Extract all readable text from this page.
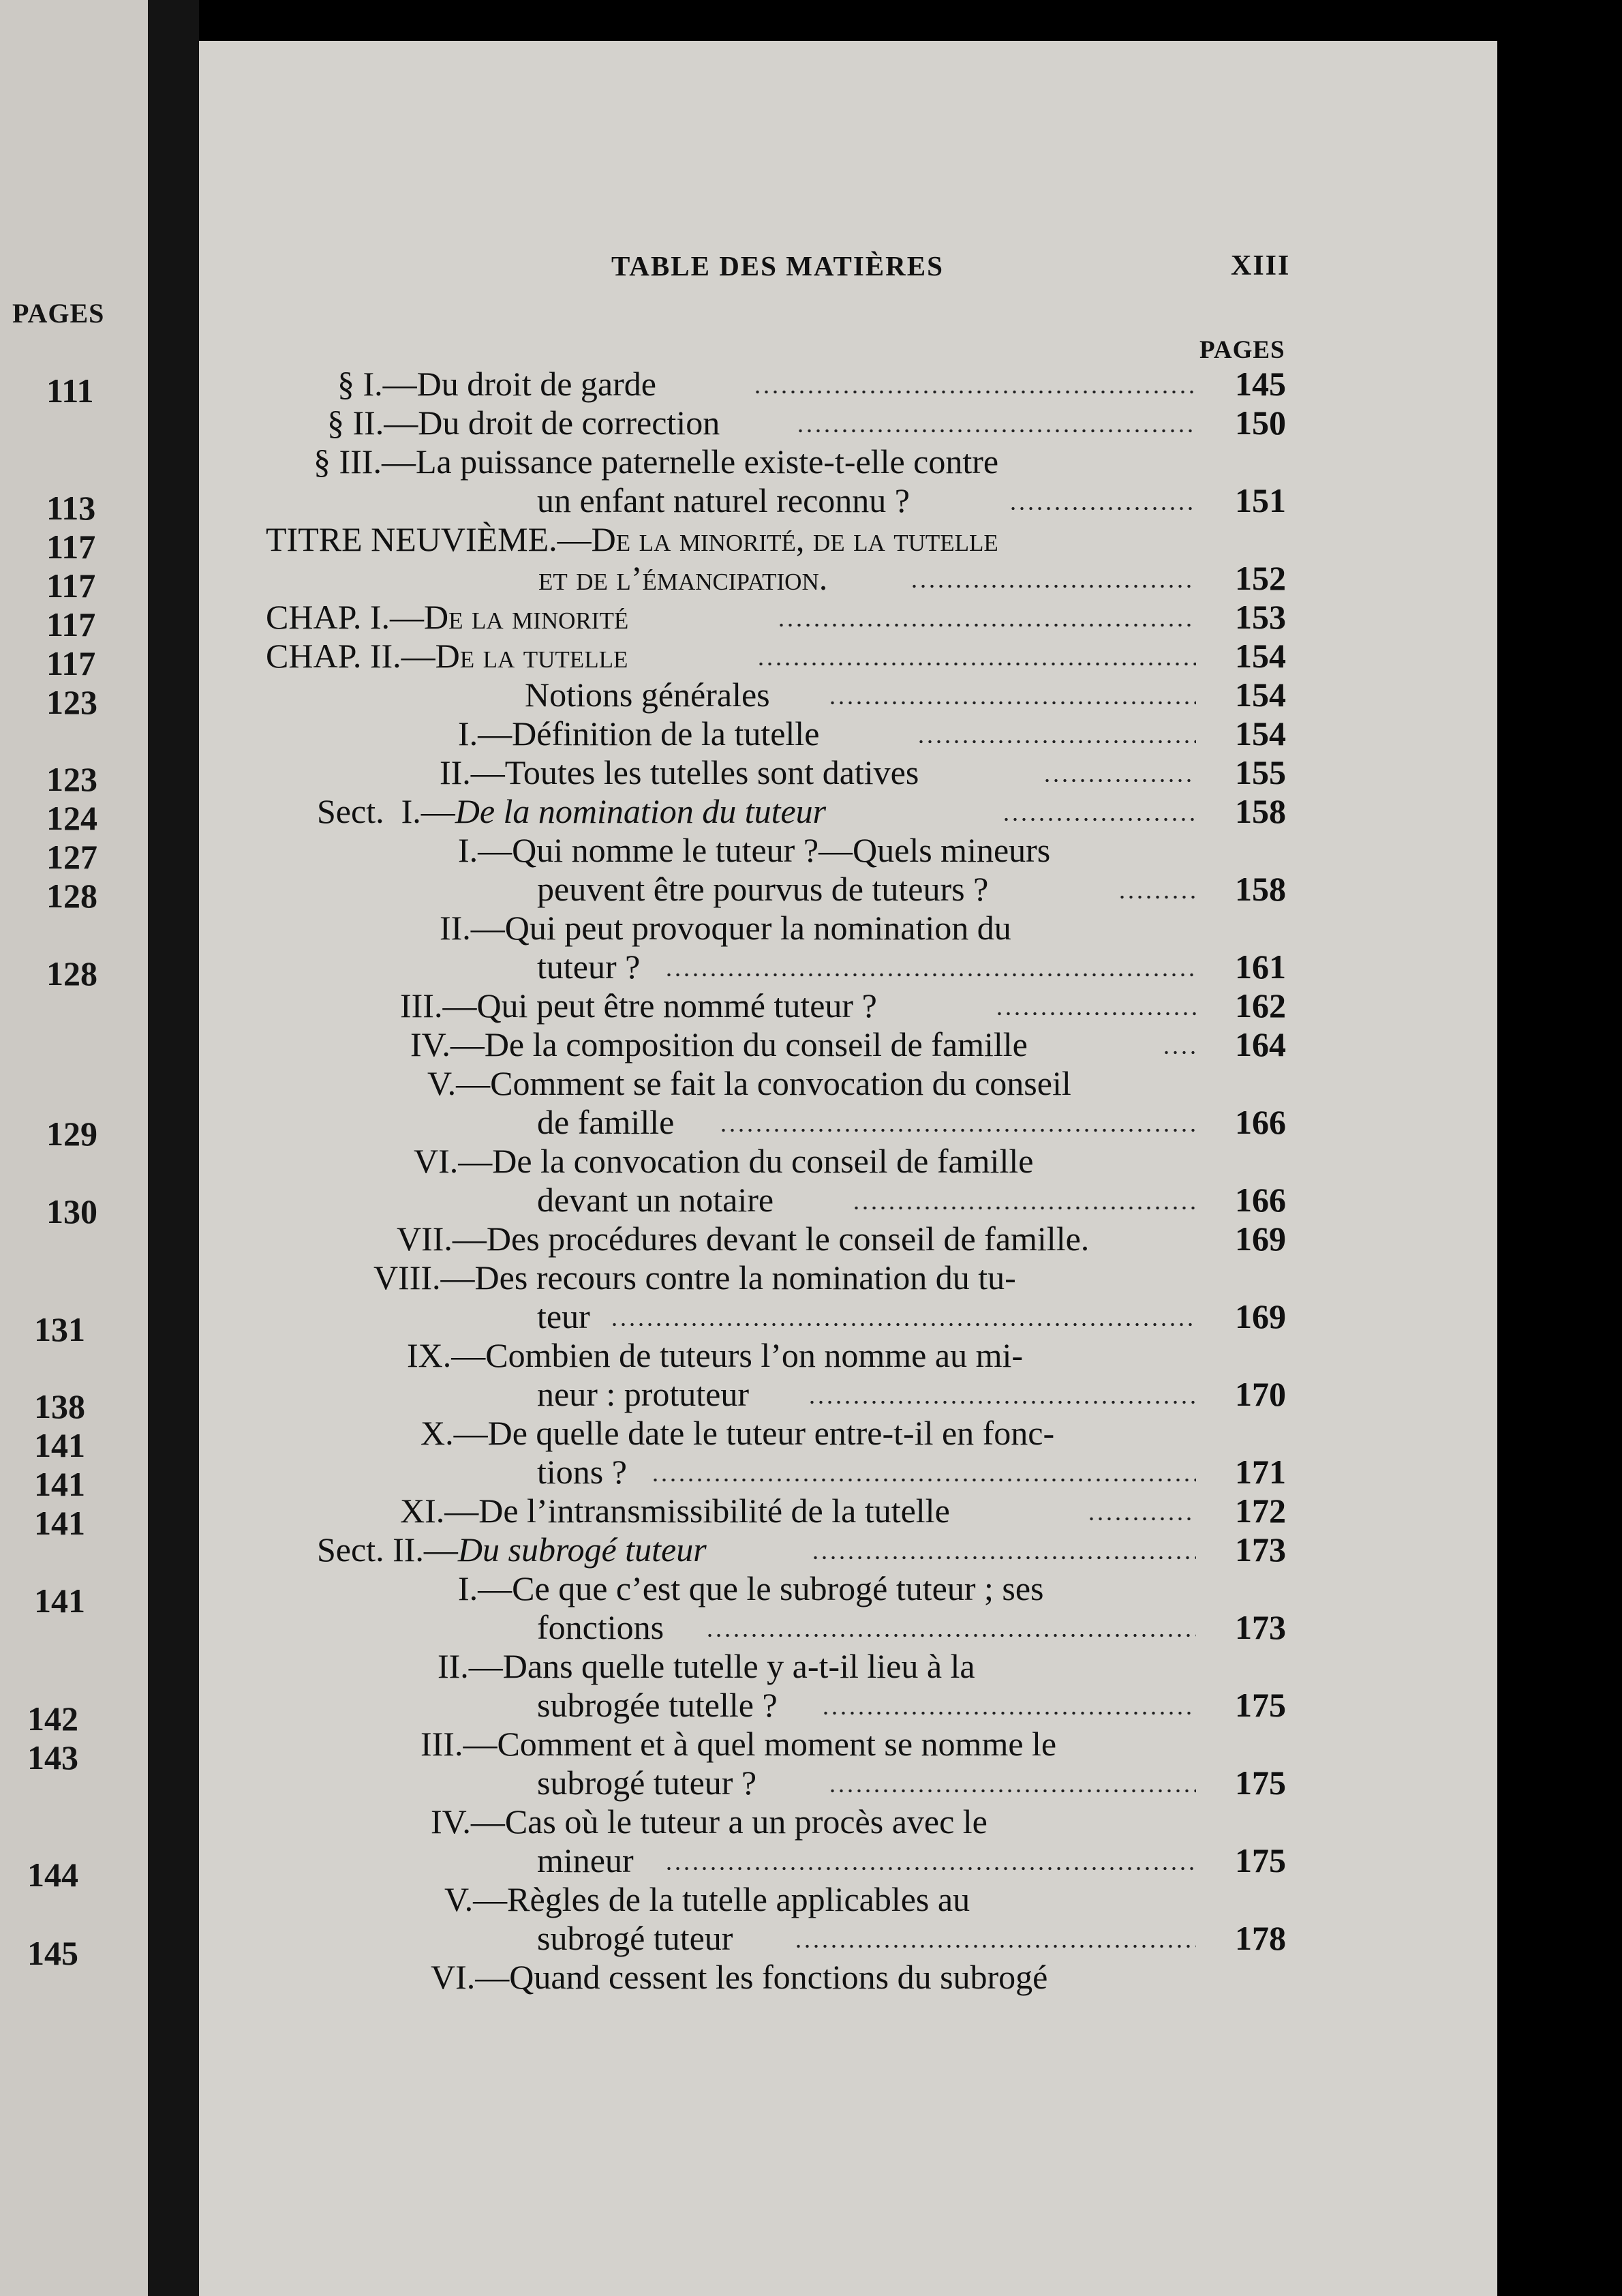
PAGES
111
113
117
117
117
117
123
123
124
127
128
128
129
130
131
138
141
141
141
141
142
143
144
145
TABLE DES MATIÈRES	XIII
PAGES
§ I.—Du droit de garde	145
§ II.—Du droit de correction	150
§ III.—La puissance paternelle existe-t-elle contre
un enfant naturel reconnu ?	151
TITRE NEUVIÈME.—De la minorité, de la tutelle
et de l’émancipation.	152
CHAP. I.—De la minorité	153
CHAP. II.—De la tutelle	154
Notions générales	154
I.—Définition de la tutelle	154
II.—Toutes les tutelles sont datives	155
Sect.  I.—De la nomination du tuteur	158
I.—Qui nomme le tuteur ?—Quels mineurs
peuvent être pourvus de tuteurs ?	158
II.—Qui peut provoquer la nomination du
tuteur ?	161
III.—Qui peut être nommé tuteur ?	162
IV.—De la composition du conseil de famille	164
V.—Comment se fait la convocation du conseil
de famille	166
VI.—De la convocation du conseil de famille
devant un notaire	166
VII.—Des procédures devant le conseil de famille.	169
VIII.—Des recours contre la nomination du tu-
teur	169
IX.—Combien de tuteurs l’on nomme au mi-
neur : protuteur	170
X.—De quelle date le tuteur entre-t-il en fonc-
tions ?	171
XI.—De l’intransmissibilité de la tutelle	172
Sect. II.—Du subrogé tuteur	173
I.—Ce que c’est que le subrogé tuteur ; ses
fonctions	173
II.—Dans quelle tutelle y a-t-il lieu à la
subrogée tutelle ?	175
III.—Comment et à quel moment se nomme le
subrogé tuteur ?	175
IV.—Cas où le tuteur a un procès avec le
mineur	175
V.—Règles de la tutelle applicables au
subrogé tuteur	178
VI.—Quand cessent les fonctions du subrogé
